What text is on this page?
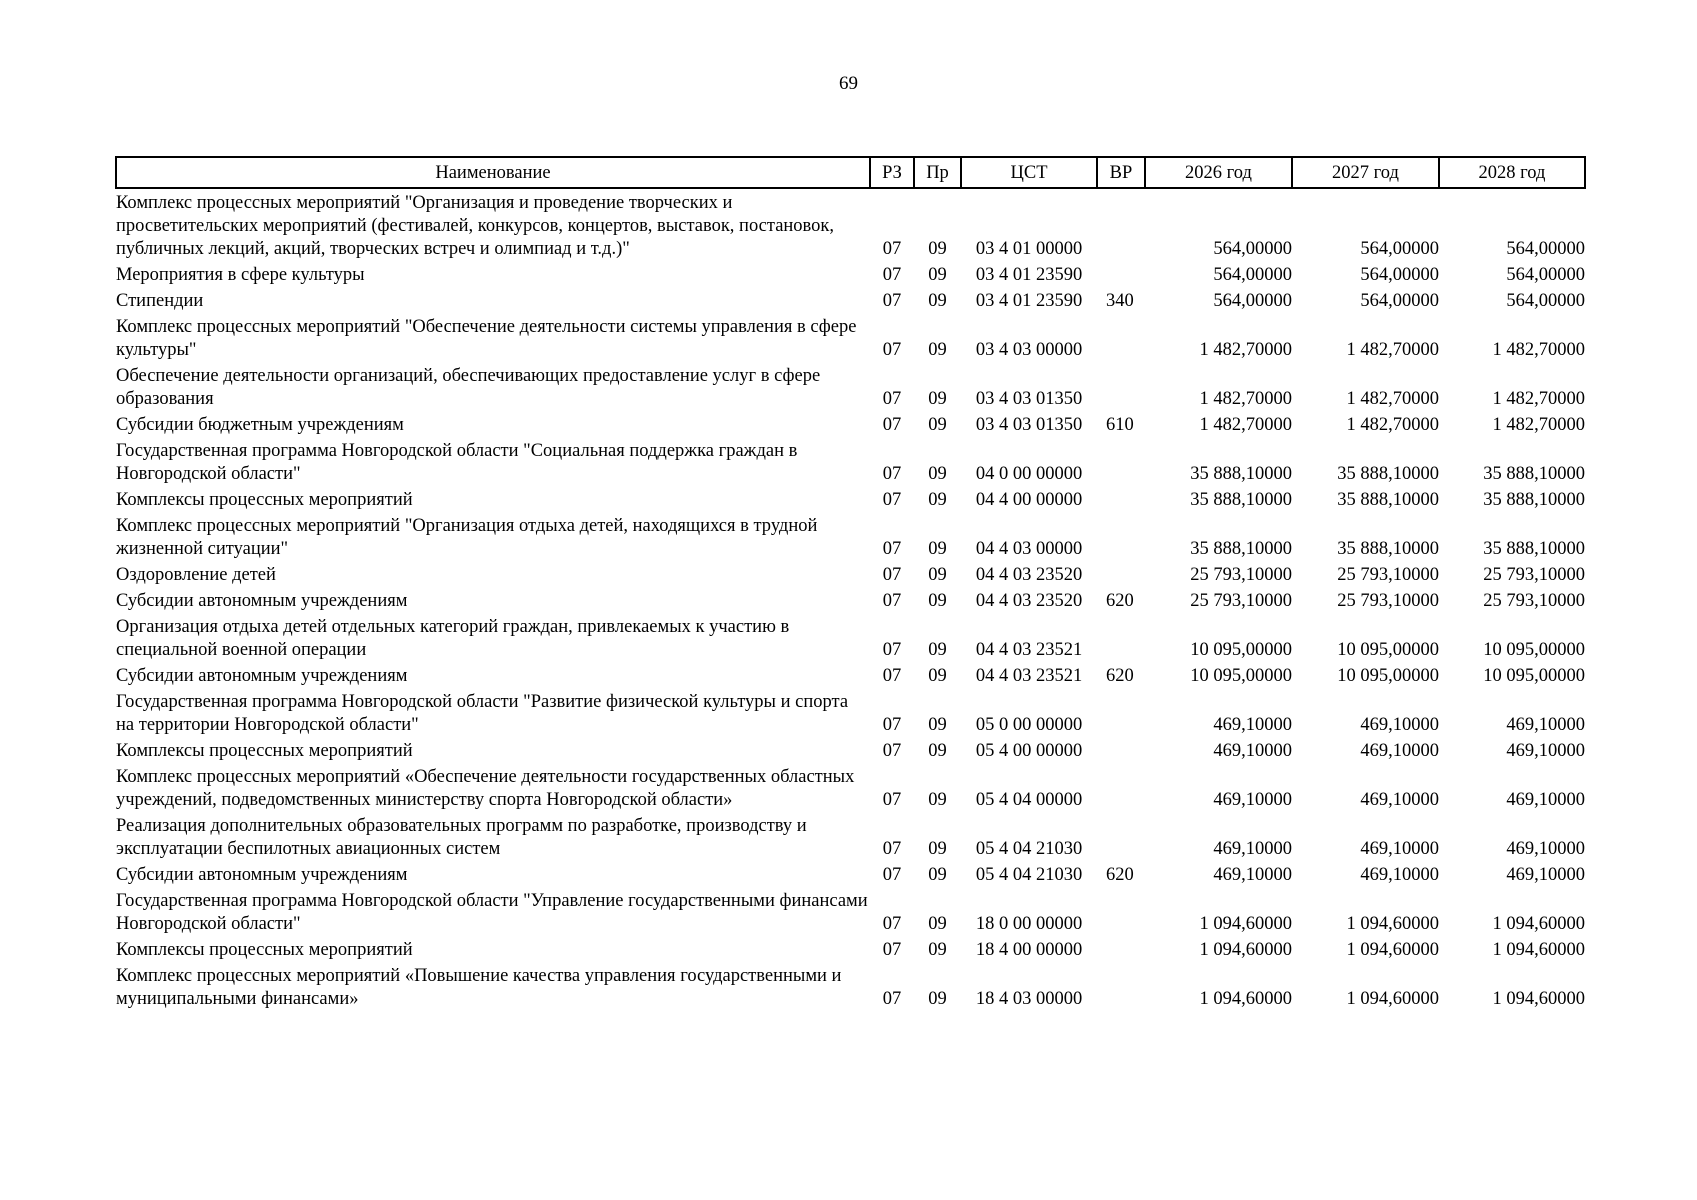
69
Наименование	РЗ	Пр	ЦСТ	ВР	2026 год	2027 год	2028 год
Комплекс процессных мероприятий "Организация и проведение творческих и просветительских мероприятий (фестивалей, конкурсов, концертов, выставок, постановок, публичных лекций, акций, творческих встреч и олимпиад и т.д.)"	07	09	03 4 01 00000		564,00000	564,00000	564,00000
Мероприятия в сфере культуры	07	09	03 4 01 23590		564,00000	564,00000	564,00000
Стипендии	07	09	03 4 01 23590	340	564,00000	564,00000	564,00000
Комплекс процессных мероприятий "Обеспечение деятельности системы управления в сфере культуры"	07	09	03 4 03 00000		1 482,70000	1 482,70000	1 482,70000
Обеспечение деятельности организаций, обеспечивающих предоставление услуг в сфере образования	07	09	03 4 03 01350		1 482,70000	1 482,70000	1 482,70000
Субсидии бюджетным учреждениям	07	09	03 4 03 01350	610	1 482,70000	1 482,70000	1 482,70000
Государственная программа Новгородской области "Социальная поддержка граждан в Новгородской области"	07	09	04 0 00 00000		35 888,10000	35 888,10000	35 888,10000
Комплексы процессных мероприятий	07	09	04 4 00 00000		35 888,10000	35 888,10000	35 888,10000
Комплекс процессных мероприятий "Организация отдыха детей, находящихся в трудной жизненной ситуации"	07	09	04 4 03 00000		35 888,10000	35 888,10000	35 888,10000
Оздоровление детей	07	09	04 4 03 23520		25 793,10000	25 793,10000	25 793,10000
Субсидии автономным учреждениям	07	09	04 4 03 23520	620	25 793,10000	25 793,10000	25 793,10000
Организация отдыха детей отдельных категорий граждан, привлекаемых к участию в специальной военной операции	07	09	04 4 03 23521		10 095,00000	10 095,00000	10 095,00000
Субсидии автономным учреждениям	07	09	04 4 03 23521	620	10 095,00000	10 095,00000	10 095,00000
Государственная программа Новгородской области "Развитие физической культуры и спорта на территории Новгородской области"	07	09	05 0 00 00000		469,10000	469,10000	469,10000
Комплексы процессных мероприятий	07	09	05 4 00 00000		469,10000	469,10000	469,10000
Комплекс процессных мероприятий «Обеспечение деятельности государственных областных учреждений, подведомственных министерству спорта Новгородской области»	07	09	05 4 04 00000		469,10000	469,10000	469,10000
Реализация дополнительных образовательных программ по разработке, производству и эксплуатации беспилотных авиационных систем	07	09	05 4 04 21030		469,10000	469,10000	469,10000
Субсидии автономным учреждениям	07	09	05 4 04 21030	620	469,10000	469,10000	469,10000
Государственная программа Новгородской области "Управление государственными финансами Новгородской области"	07	09	18 0 00 00000		1 094,60000	1 094,60000	1 094,60000
Комплексы процессных мероприятий	07	09	18 4 00 00000		1 094,60000	1 094,60000	1 094,60000
Комплекс процессных мероприятий «Повышение качества управления государственными и муниципальными финансами»	07	09	18 4 03 00000		1 094,60000	1 094,60000	1 094,60000
